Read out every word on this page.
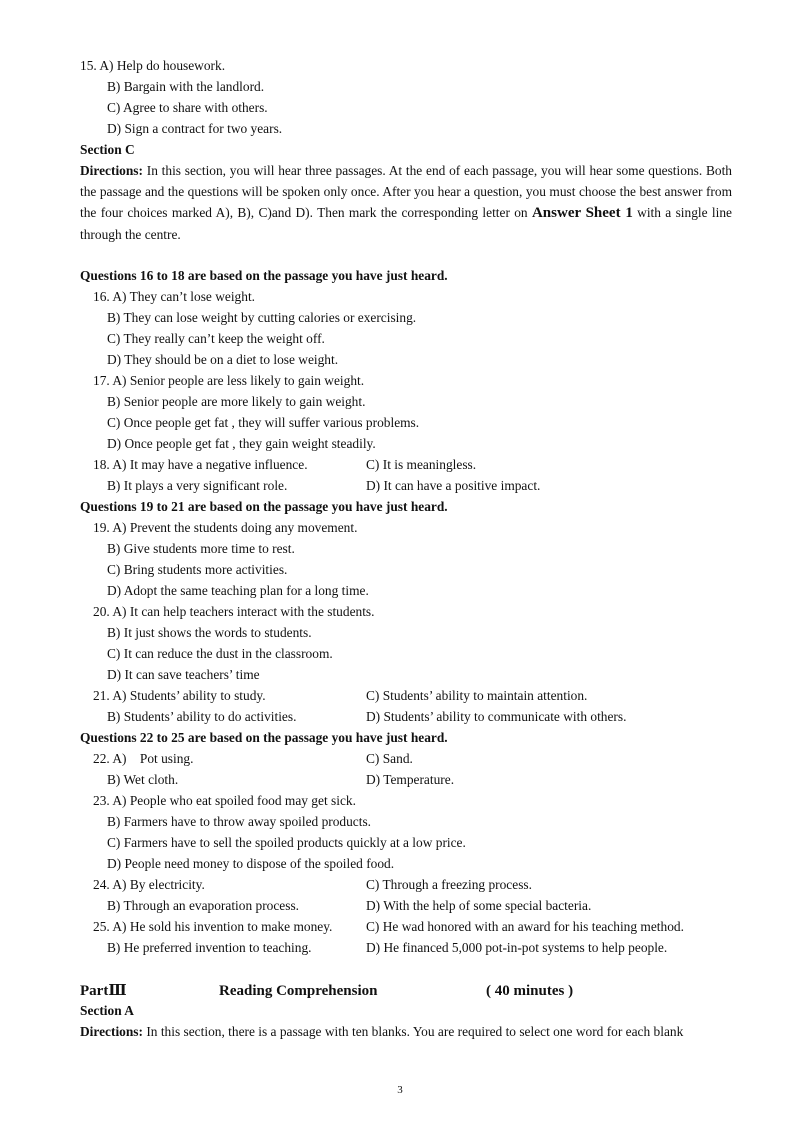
15. A) Help do housework.
B) Bargain with the landlord.
C) Agree to share with others.
D) Sign a contract for two years.
Section C
Directions: In this section, you will hear three passages. At the end of each passage, you will hear some questions. Both the passage and the questions will be spoken only once. After you hear a question, you must choose the best answer from the four choices marked A), B), C)and D). Then mark the corresponding letter on Answer Sheet 1 with a single line through the centre.
Questions 16 to 18 are based on the passage you have just heard.
16. A) They can’t lose weight.
B) They can lose weight by cutting calories or exercising.
C) They really can’t keep the weight off.
D) They should be on a diet to lose weight.
17. A) Senior people are less likely to gain weight.
B) Senior people are more likely to gain weight.
C) Once people get fat , they will suffer various problems.
D) Once people get fat , they gain weight steadily.
18. A) It may have a negative influence.	C) It is meaningless.
B) It plays a very significant role.	D) It can have a positive impact.
Questions 19 to 21 are based on the passage you have just heard.
19. A) Prevent the students doing any movement.
B) Give students more time to rest.
C) Bring students more activities.
D) Adopt the same teaching plan for a long time.
20. A) It can help teachers interact with the students.
B) It just shows the words to students.
C) It can reduce the dust in the classroom.
D) It can save teachers’ time
21. A) Students’ ability to study.	C) Students’ ability to maintain attention.
B) Students’ ability to do activities.	D) Students’ ability to communicate with others.
Questions 22 to 25 are based on the passage you have just heard.
22. A)    Pot using.	C) Sand.
B) Wet cloth.	D) Temperature.
23. A) People who eat spoiled food may get sick.
B) Farmers have to throw away spoiled products.
C) Farmers have to sell the spoiled products quickly at a low price.
D) People need money to dispose of the spoiled food.
24. A) By electricity.	C) Through a freezing process.
B) Through an evaporation process.	D) With the help of some special bacteria.
25. A) He sold his invention to make money.	C) He wad honored with an award for his teaching method.
B) He preferred invention to teaching.	D) He financed 5,000 pot-in-pot systems to help people.
PartⅢ	Reading Comprehension	( 40 minutes )
Section A
Directions: In this section, there is a passage with ten blanks. You are required to select one word for each blank
3
